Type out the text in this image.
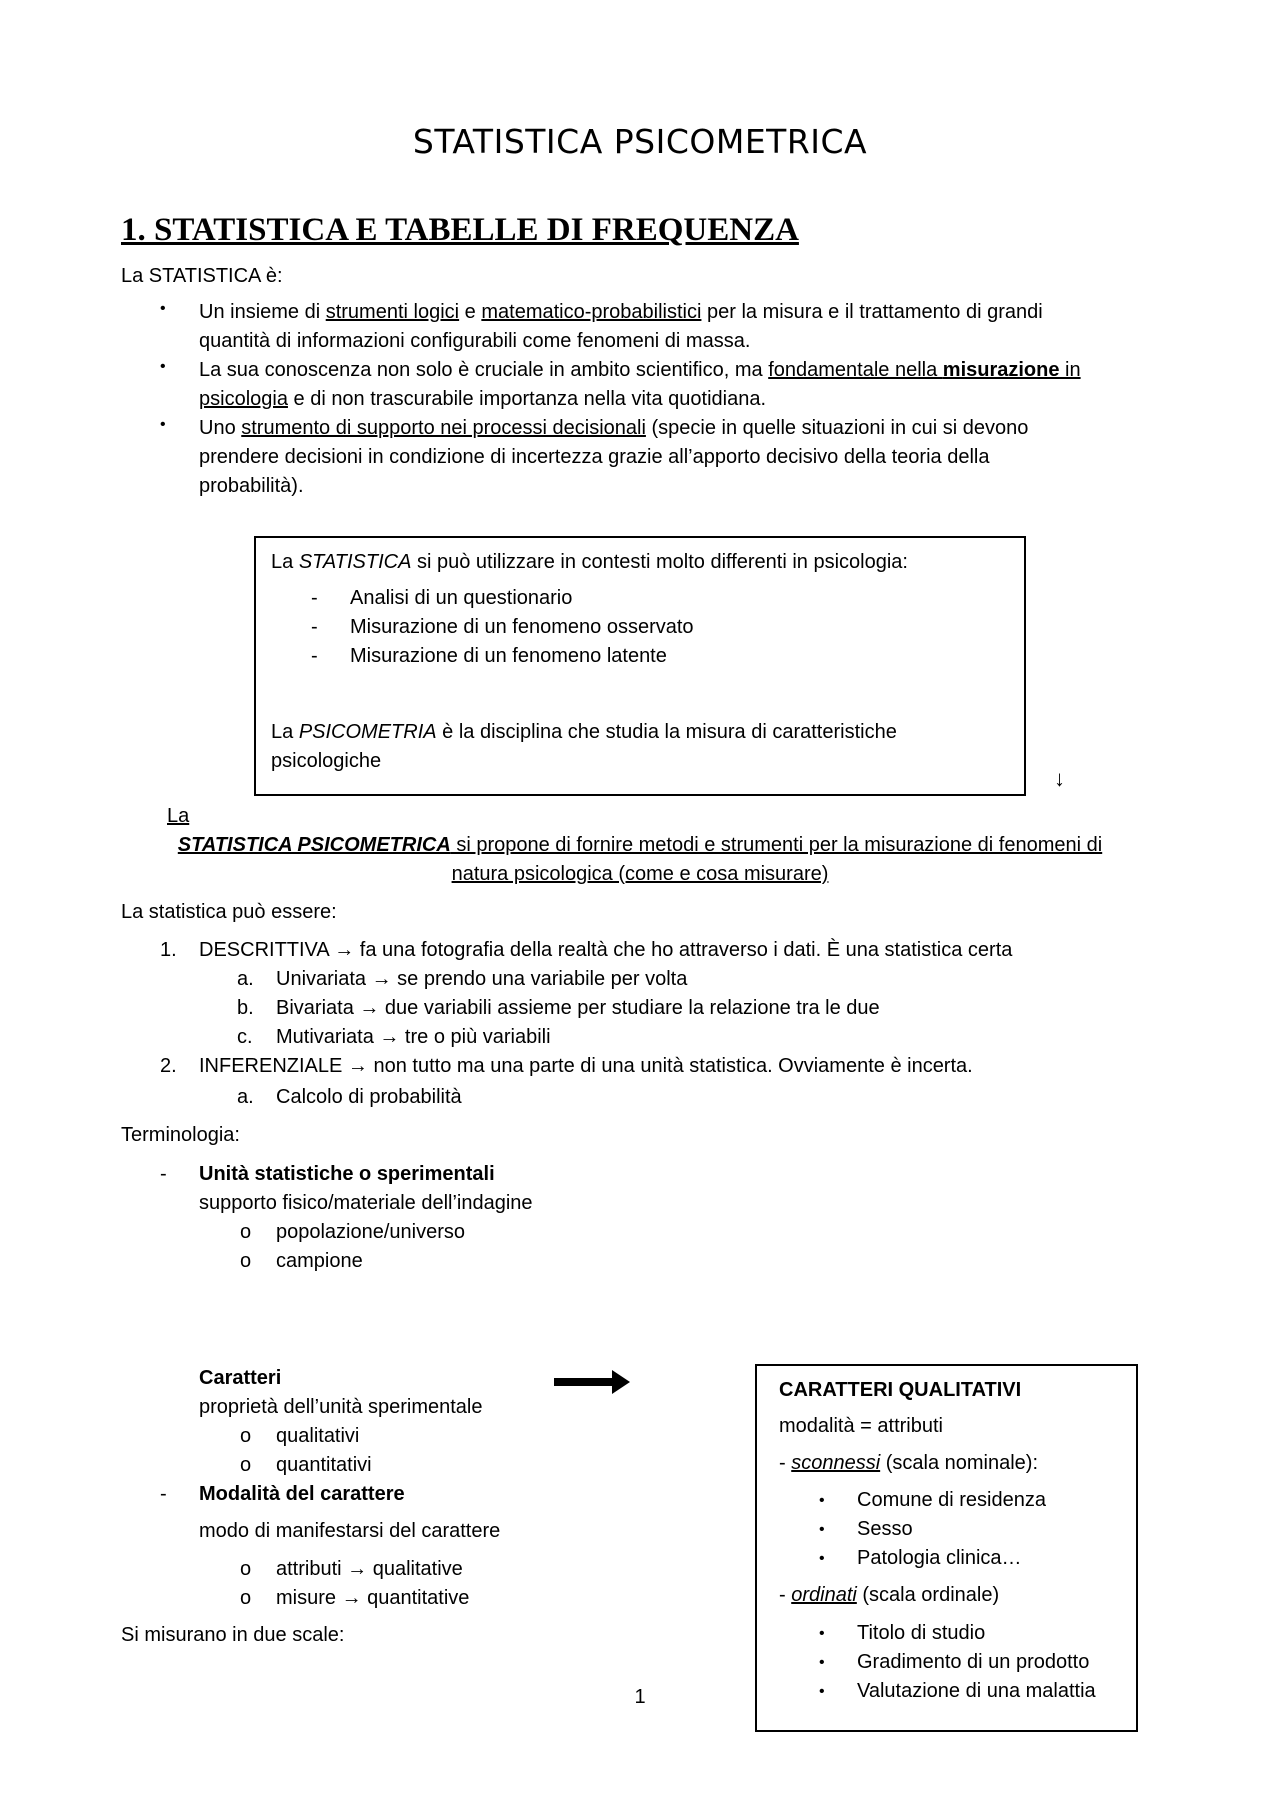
STATISTICA PSICOMETRICA
1. STATISTICA E TABELLE DI FREQUENZA
La STATISTICA è:
• Un insieme di strumenti logici e matematico-probabilistici per la misura e il trattamento di grandi
quantità di informazioni configurabili come fenomeni di massa.
• La sua conoscenza non solo è cruciale in ambito scientifico, ma fondamentale nella misurazione in
psicologia e di non trascurabile importanza nella vita quotidiana.
• Uno strumento di supporto nei processi decisionali (specie in quelle situazioni in cui si devono
prendere decisioni in condizione di incertezza grazie all’apporto decisivo della teoria della
probabilità).
La STATISTICA si può utilizzare in contesti molto differenti in psicologia:
- Analisi di un questionario
- Misurazione di un fenomeno osservato
- Misurazione di un fenomeno latente
La PSICOMETRIA è la disciplina che studia la misura di caratteristiche
psicologiche
↓
La
STATISTICA PSICOMETRICA si propone di fornire metodi e strumenti per la misurazione di fenomeni di
natura psicologica (come e cosa misurare)
La statistica può essere:
1. DESCRITTIVA → fa una fotografia della realtà che ho attraverso i dati. È una statistica certa
a. Univariata → se prendo una variabile per volta
b. Bivariata → due variabili assieme per studiare la relazione tra le due
c. Mutivariata → tre o più variabili
2. INFERENZIALE → non tutto ma una parte di una unità statistica. Ovviamente è incerta.
a. Calcolo di probabilità
Terminologia:
- Unità statistiche o sperimentali
supporto fisico/materiale dell’indagine
o popolazione/universo
o campione
Caratteri
proprietà dell’unità sperimentale
o qualitativi
o quantitativi
- Modalità del carattere
modo di manifestarsi del carattere
o attributi → qualitative
o misure → quantitative
Si misurano in due scale:
1
CARATTERI QUALITATIVI
modalità = attributi
- sconnessi (scala nominale):
• Comune di residenza
• Sesso
• Patologia clinica…
- ordinati (scala ordinale)
• Titolo di studio
• Gradimento di un prodotto
• Valutazione di una malattia
